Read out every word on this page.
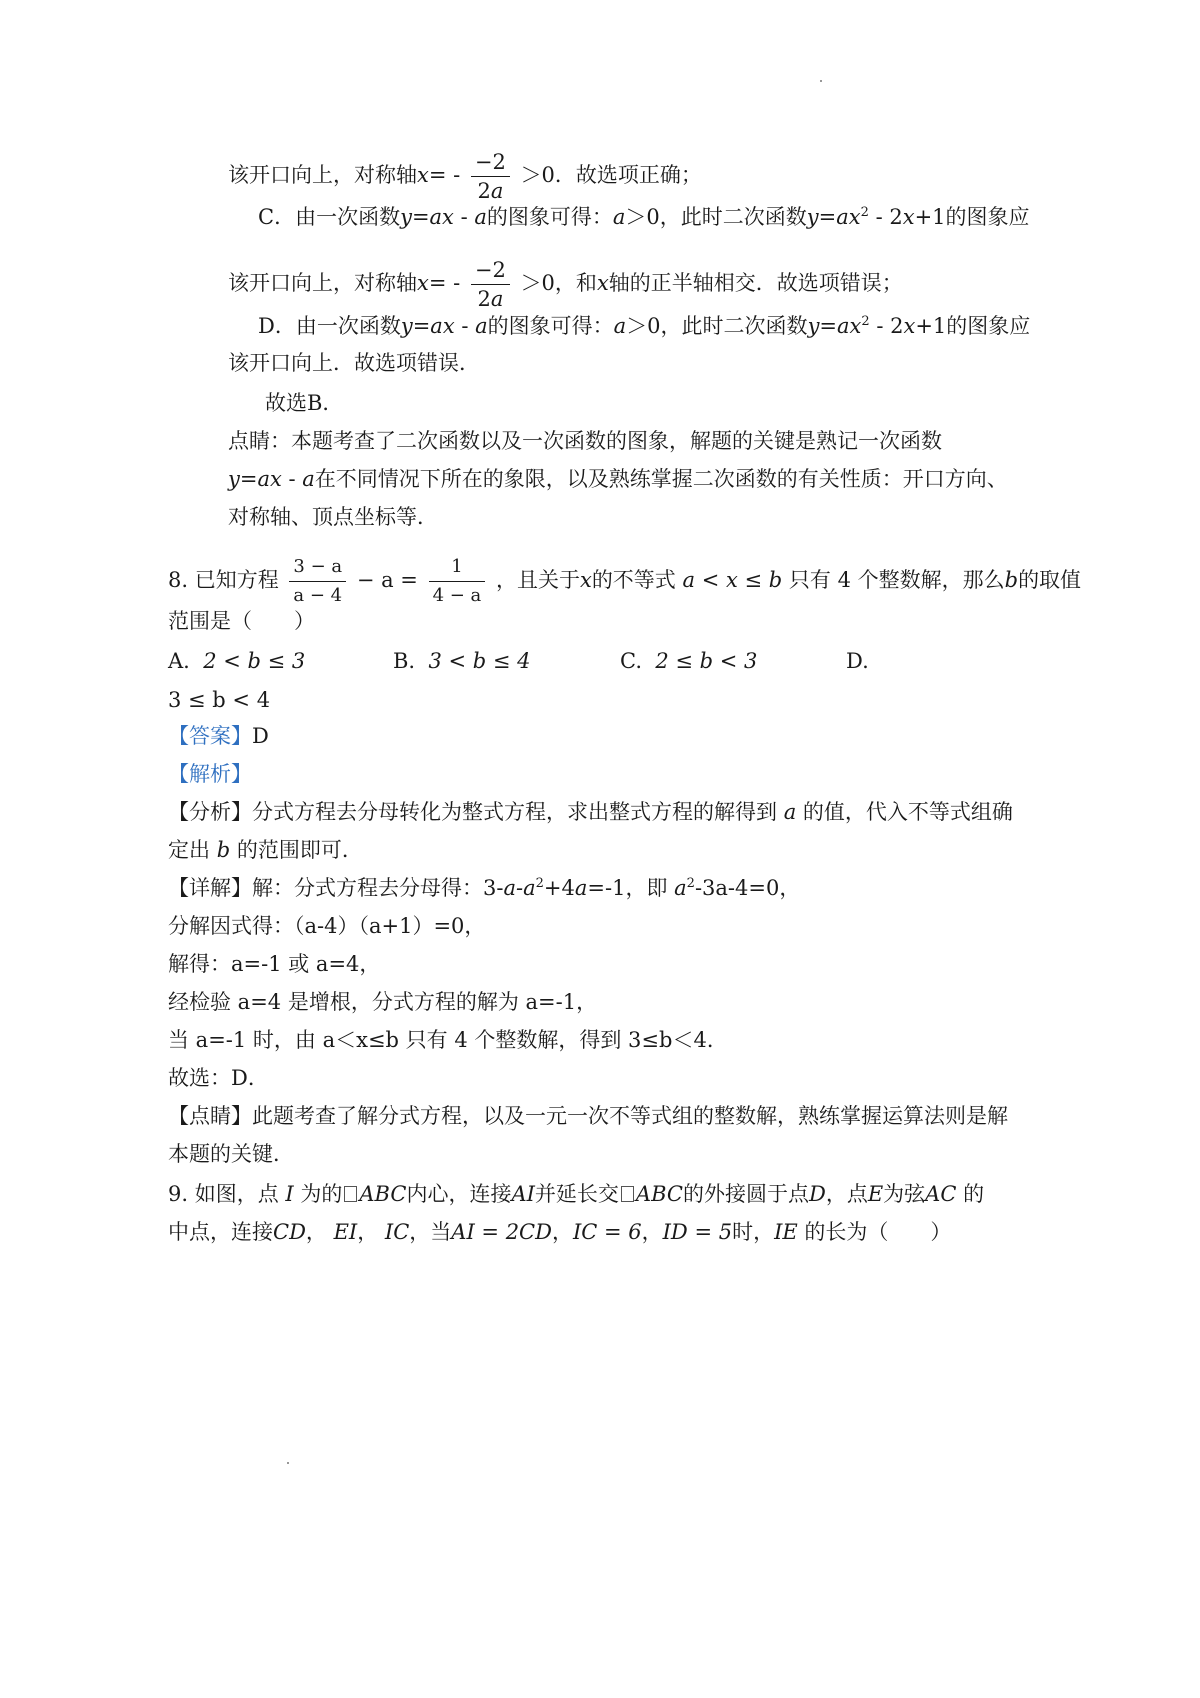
该开口向上，对称轴$x= - \frac{-2}{2a} >0$．故选项正确；
C．由一次函数y=ax - a的图象可得：a＞0，此时二次函数$y=ax^2 - 2x+1$的图象应
该开口向上，对称轴$x= - \frac{-2}{2a} >0$，和x轴的正半轴相交．故选项错误；
D．由一次函数y=ax - a的图象可得：a＞0，此时二次函数$y=ax^2 - 2x+1$的图象应
该开口向上．故选项错误．
故选B．
点睛：本题考查了二次函数以及一次函数的图象，解题的关键是熟记一次函数
y=ax - a在不同情况下所在的象限，以及熟练掌握二次函数的有关性质：开口方向、
对称轴、顶点坐标等．
8. 已知方程 $\frac{3 - a}{a - 4} - a = \frac{1}{4 - a}$ ，且关于x的不等式 a < x ≤ b 只有 4 个整数解，那么b的取值
范围是（　　）
A. 2 < b ≤ 3	B. 3 < b ≤ 4	C. 2 ≤ b < 3	D.
3 ≤ b < 4
【答案】D
【解析】
【分析】分式方程去分母转化为整式方程，求出整式方程的解得到 a 的值，代入不等式组确
定出 b 的范围即可．
【详解】解：分式方程去分母得：$3-a-a^2+4a=-1$，即 $a^2-3a-4=0$，
分解因式得：（a-4）（a+1）=0，
解得：a=-1 或 a=4，
经检验 a=4 是增根，分式方程的解为 a=-1，
当 a=-1 时，由 a＜x≤b 只有 4 个整数解，得到 3≤b＜4．
故选：D．
【点睛】此题考查了解分式方程，以及一元一次不等式组的整数解，熟练掌握运算法则是解
本题的关键．
9. 如图，点 I 为的 ABC内心，连接AI并延长交 ABC的外接圆于点D，点E为弦AC 的
中点，连接CD， EI， IC，当AI = 2CD，IC = 6，ID = 5时，IE 的长为（　　）
